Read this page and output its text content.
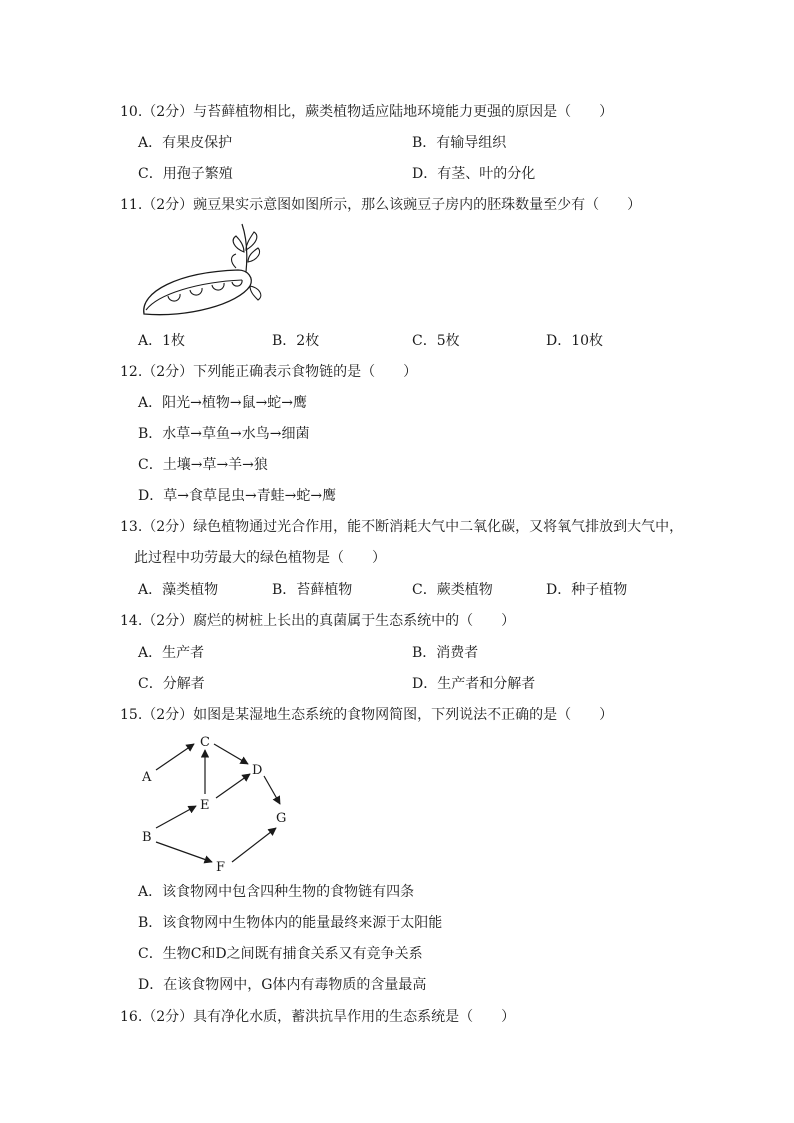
10.（2分）与苔藓植物相比，蕨类植物适应陆地环境能力更强的原因是（　　）
A．有果皮保护	B．有输导组织
C．用孢子繁殖	D．有茎、叶的分化
11.（2分）豌豆果实示意图如图所示，那么该豌豆子房内的胚珠数量至少有（　　）
A．1枚	B．2枚	C．5枚	D．10枚
12.（2分）下列能正确表示食物链的是（　　）
A．阳光→植物→鼠→蛇→鹰
B．水草→草鱼→水鸟→细菌
C．土壤→草→羊→狼
D．草→食草昆虫→青蛙→蛇→鹰
13.（2分）绿色植物通过光合作用，能不断消耗大气中二氧化碳，又将氧气排放到大气中，
此过程中功劳最大的绿色植物是（　　）
A．藻类植物	B．苔藓植物	C．蕨类植物	D．种子植物
14.（2分）腐烂的树桩上长出的真菌属于生态系统中的（　　）
A．生产者	B．消费者
C．分解者	D．生产者和分解者
15.（2分）如图是某湿地生态系统的食物网简图，下列说法不正确的是（　　）
A
C
D
E
B
G
F
A．该食物网中包含四种生物的食物链有四条
B．该食物网中生物体内的能量最终来源于太阳能
C．生物C和D之间既有捕食关系又有竞争关系
D．在该食物网中，G体内有毒物质的含量最高
16.（2分）具有净化水质，蓄洪抗旱作用的生态系统是（　　）
